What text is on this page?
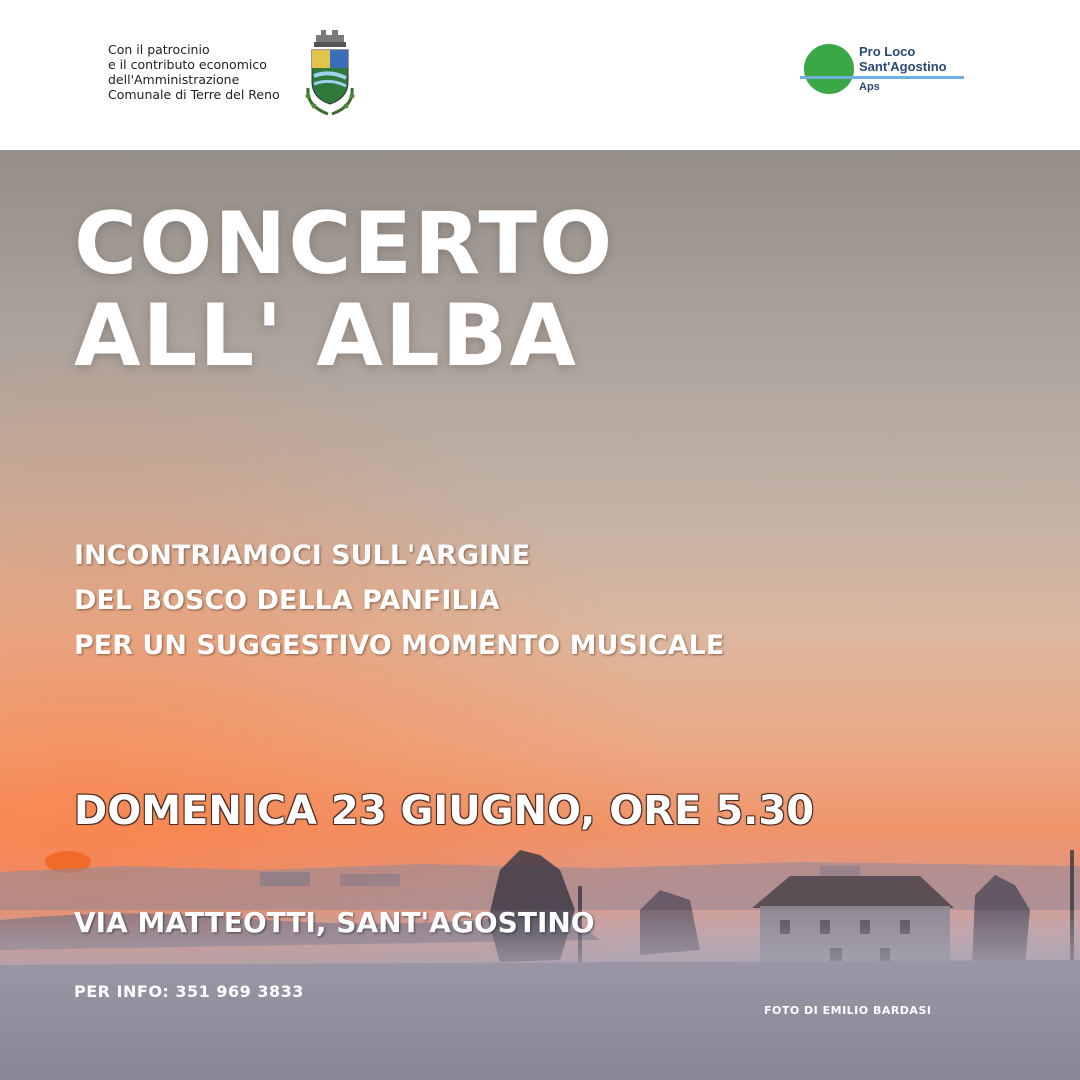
Con il patrocinio
e il contributo economico
dell'Amministrazione
Comunale di Terre del Reno
Pro Loco
Sant'Agostino
Aps
CONCERTO
ALL' ALBA
INCONTRIAMOCI SULL'ARGINE
DEL BOSCO DELLA PANFILIA
PER UN SUGGESTIVO MOMENTO MUSICALE
DOMENICA 23 GIUGNO, ORE 5.30
VIA MATTEOTTI, SANT'AGOSTINO
PER INFO: 351 969 3833
FOTO DI EMILIO BARDASI
